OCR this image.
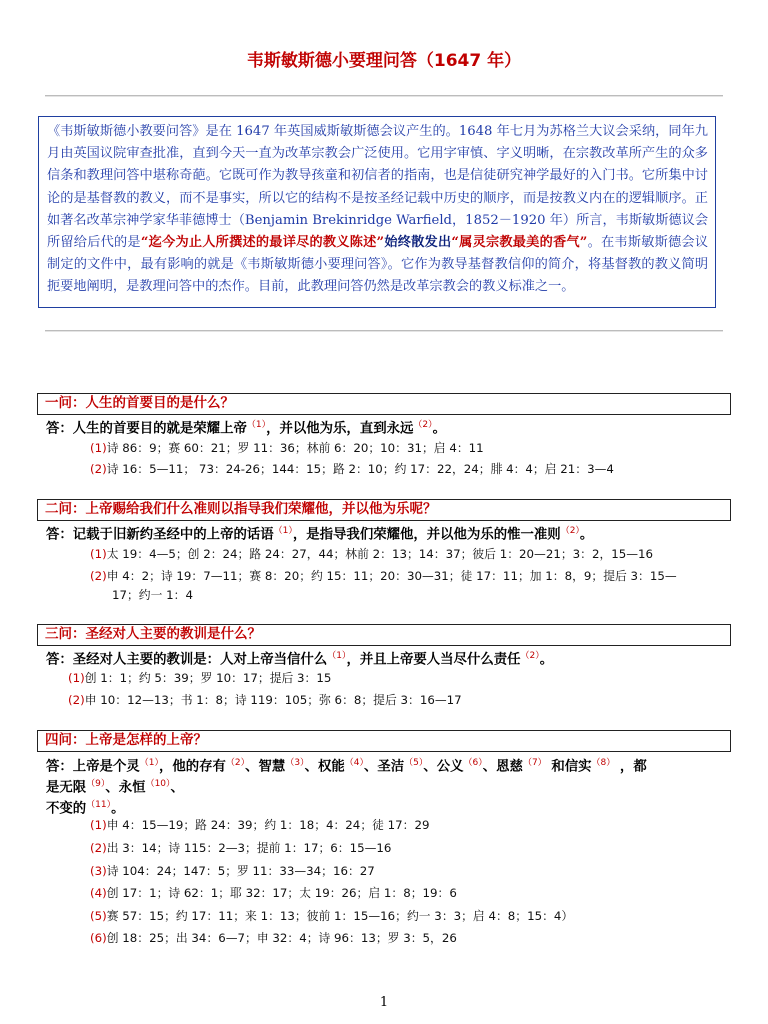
韦斯敏斯德小要理问答（1647 年）
《韦斯敏斯德小教要问答》是在 1647 年英国威斯敏斯德会议产生的。1648 年七月为苏格兰大议会采纳，同年九月由英国议院审查批准，直到今天一直为改革宗教会广泛使用。它用字审慎、字义明晰，在宗教改革所产生的众多信条和教理问答中堪称奇葩。它既可作为教导孩童和初信者的指南，也是信徒研究神学最好的入门书。它所集中讨论的是基督教的教义，而不是事实，所以它的结构不是按圣经记载中历史的顺序，而是按教义内在的逻辑顺序。正如著名改革宗神学家华菲德博士（Benjamin Brekinridge Warfield，1852－1920 年）所言，韦斯敏斯德议会所留给后代的是“迄今为止人所撰述的最详尽的教义陈述”始终散发出“属灵宗教最美的香气”。在韦斯敏斯德会议制定的文件中，最有影响的就是《韦斯敏斯德小要理问答》。它作为教导基督教信仰的简介，将基督教的教义简明扼要地阐明，是教理问答中的杰作。目前，此教理问答仍然是改革宗教会的教义标准之一。
一问：人生的首要目的是什么？
答：人生的首要目的就是荣耀上帝$^{(1)}$，并以他为乐，直到永远$^{(2)}$。
(1)诗 86：9；赛 60：21；罗 11：36；林前 6：20；10：31；启 4：11
(2)诗 16：5—11； 73：24-26；144：15；路 2：10；约 17：22，24；腓 4：4；启 21：3—4
二问：上帝赐给我们什么准则以指导我们荣耀他，并以他为乐呢？
答：记载于旧新约圣经中的上帝的话语$^{(1)}$，是指导我们荣耀他，并以他为乐的惟一准则$^{(2)}$。
(1)太 19：4—5；创 2：24；路 24：27，44；林前 2：13；14：37；彼后 1：20—21；3：2，15—16
(2)申 4：2；诗 19：7—11；赛 8：20；约 15：11；20：30—31；徒 17：11；加 1：8，9；提后 3：15—
17；约一 1：4
三问：圣经对人主要的教训是什么？
答：圣经对人主要的教训是：人对上帝当信什么$^{(1)}$，并且上帝要人当尽什么责任$^{(2)}$。
(1)创 1：1；约 5：39；罗 10：17；提后 3：15
(2)申 10：12—13；书 1：8；诗 119：105；弥 6：8；提后 3：16—17
四问：上帝是怎样的上帝？
答：上帝是个灵$^{(1)}$，他的存有$^{(2)}$、智慧$^{(3)}$、权能$^{(4)}$、圣洁$^{(5)}$、公义$^{(6)}$、恩慈$^{(7)}$ 和信实$^{(8)}$ ，都
是无限$^{(9)}$、永恒$^{(10)}$、
不变的$^{(11)}$。
(1)申 4：15—19；路 24：39；约 1：18；4：24；徒 17：29
(2)出 3：14；诗 115：2—3；提前 1：17；6：15—16
(3)诗 104：24；147：5；罗 11：33—34；16：27
(4)创 17：1；诗 62：1；耶 32：17；太 19：26；启 1：8；19：6
(5)赛 57：15；约 17：11；来 1：13；彼前 1：15—16；约一 3：3；启 4：8；15：4）
(6)创 18：25；出 34：6—7；申 32：4；诗 96：13；罗 3：5，26
1
